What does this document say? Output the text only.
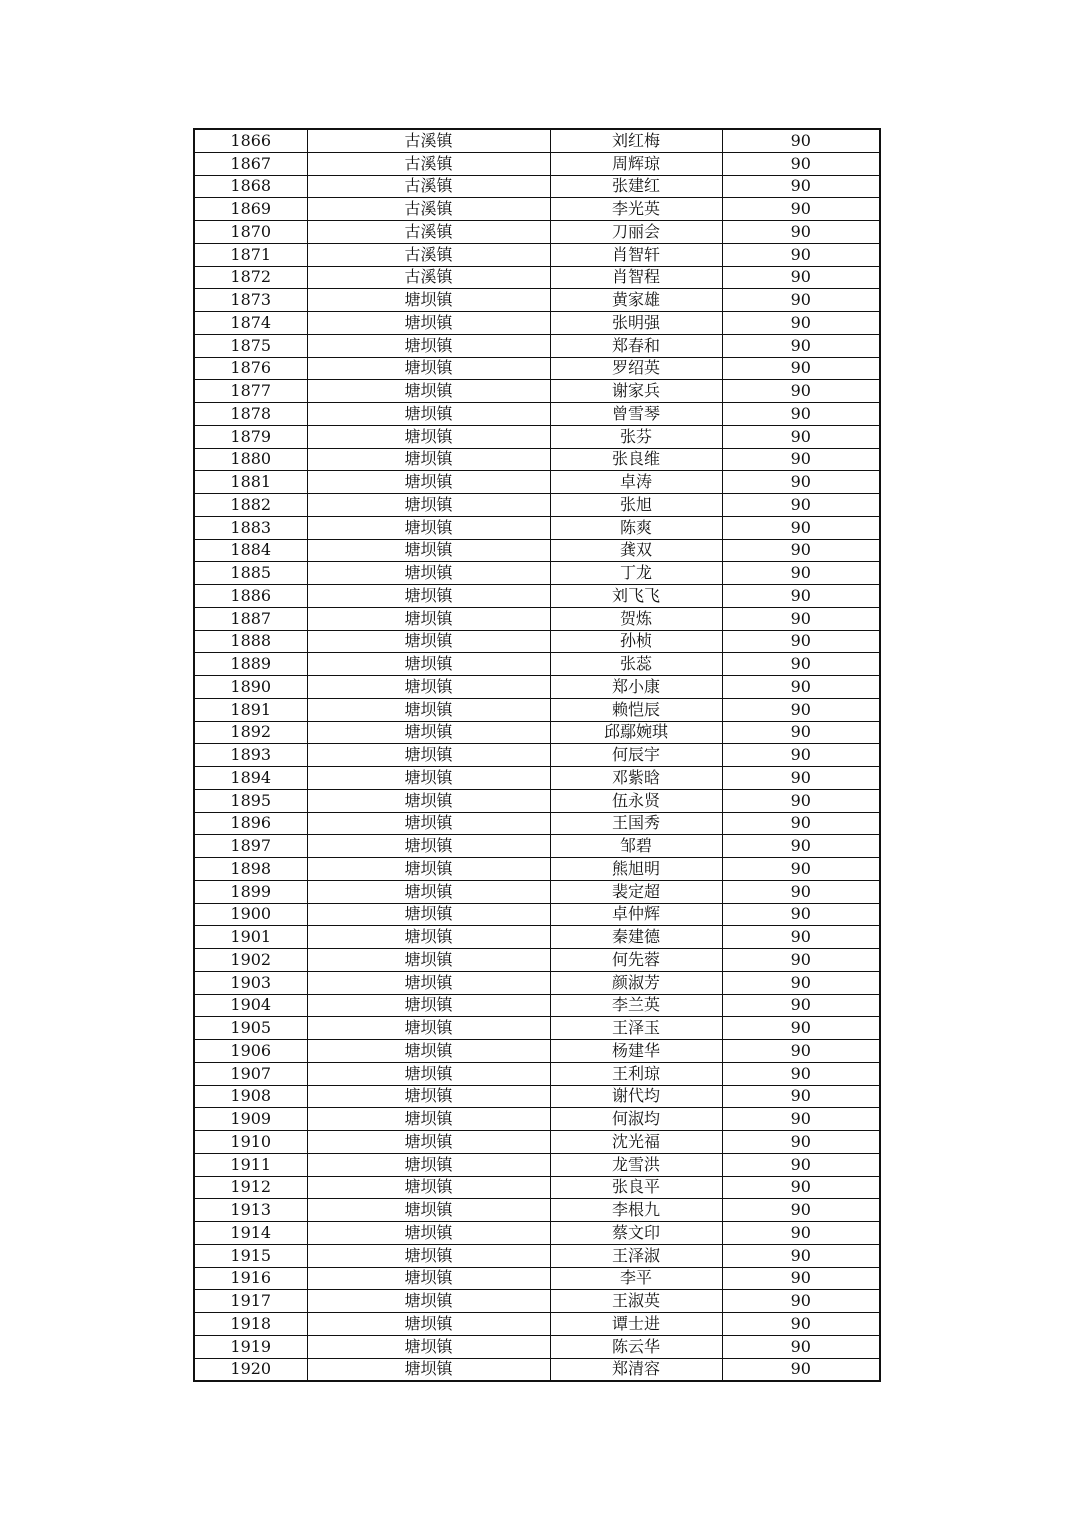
1866	古溪镇	刘红梅	90
1867	古溪镇	周辉琼	90
1868	古溪镇	张建红	90
1869	古溪镇	李光英	90
1870	古溪镇	刀丽会	90
1871	古溪镇	肖智轩	90
1872	古溪镇	肖智程	90
1873	塘坝镇	黄家雄	90
1874	塘坝镇	张明强	90
1875	塘坝镇	郑春和	90
1876	塘坝镇	罗绍英	90
1877	塘坝镇	谢家兵	90
1878	塘坝镇	曾雪琴	90
1879	塘坝镇	张芬	90
1880	塘坝镇	张良维	90
1881	塘坝镇	卓涛	90
1882	塘坝镇	张旭	90
1883	塘坝镇	陈爽	90
1884	塘坝镇	龚双	90
1885	塘坝镇	丁龙	90
1886	塘坝镇	刘飞飞	90
1887	塘坝镇	贺炼	90
1888	塘坝镇	孙桢	90
1889	塘坝镇	张蕊	90
1890	塘坝镇	郑小康	90
1891	塘坝镇	赖恺辰	90
1892	塘坝镇	邱鄢婉琪	90
1893	塘坝镇	何辰宇	90
1894	塘坝镇	邓紫晗	90
1895	塘坝镇	伍永贤	90
1896	塘坝镇	王国秀	90
1897	塘坝镇	邹碧	90
1898	塘坝镇	熊旭明	90
1899	塘坝镇	裴定超	90
1900	塘坝镇	卓仲辉	90
1901	塘坝镇	秦建德	90
1902	塘坝镇	何先蓉	90
1903	塘坝镇	颜淑芳	90
1904	塘坝镇	李兰英	90
1905	塘坝镇	王泽玉	90
1906	塘坝镇	杨建华	90
1907	塘坝镇	王利琼	90
1908	塘坝镇	谢代均	90
1909	塘坝镇	何淑均	90
1910	塘坝镇	沈光福	90
1911	塘坝镇	龙雪洪	90
1912	塘坝镇	张良平	90
1913	塘坝镇	李根九	90
1914	塘坝镇	蔡文印	90
1915	塘坝镇	王泽淑	90
1916	塘坝镇	李平	90
1917	塘坝镇	王淑英	90
1918	塘坝镇	谭士进	90
1919	塘坝镇	陈云华	90
1920	塘坝镇	郑清容	90
